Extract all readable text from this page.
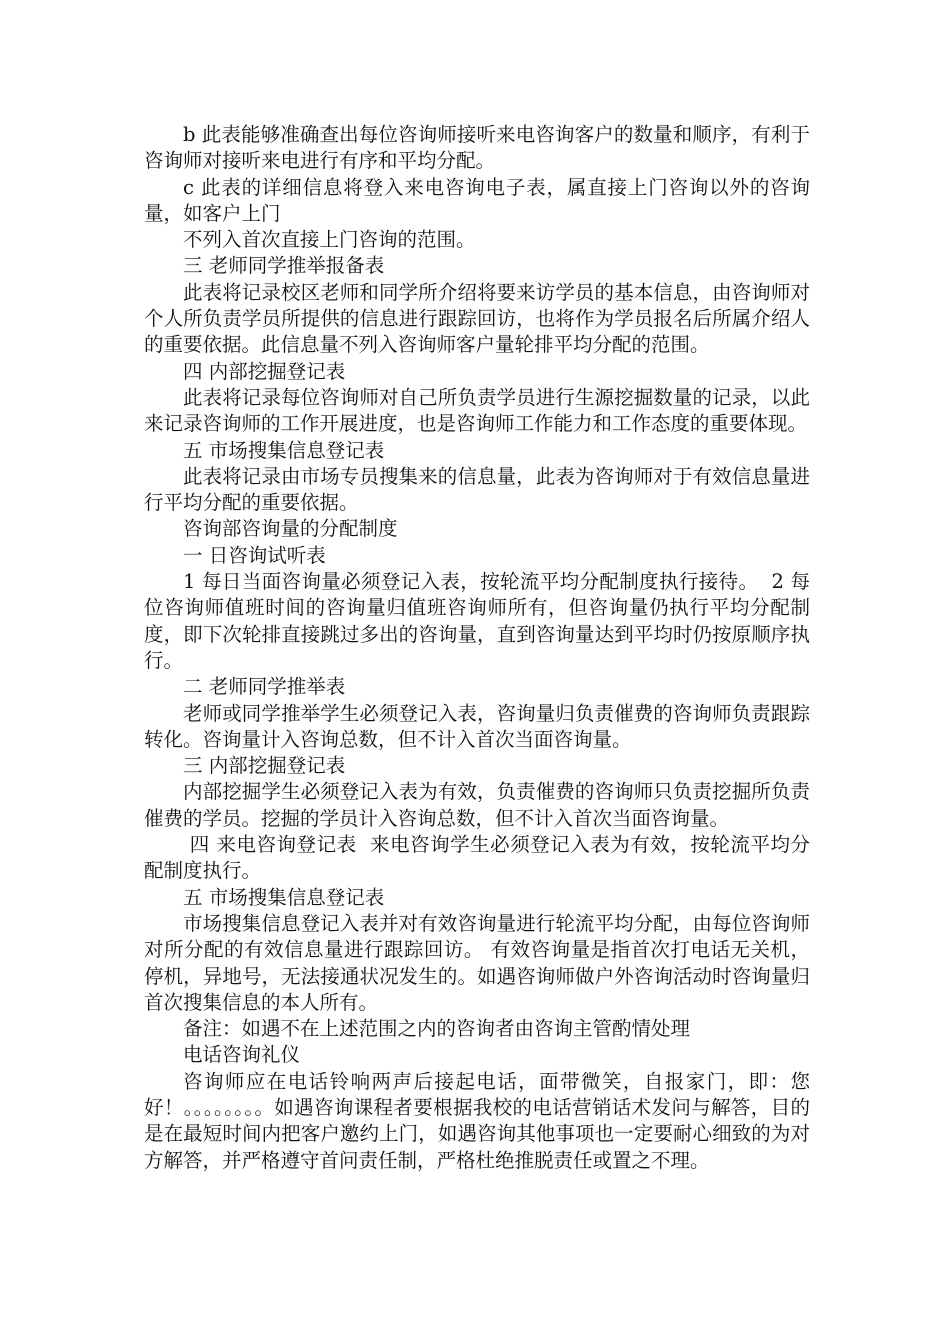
b 此表能够准确查出每位咨询师接听来电咨询客户的数量和顺序，有利于咨询师对接听来电进行有序和平均分配。

c 此表的详细信息将登入来电咨询电子表，属直接上门咨询以外的咨询量，如客户上门

不列入首次直接上门咨询的范围。

三 老师同学推举报备表

此表将记录校区老师和同学所介绍将要来访学员的基本信息，由咨询师对个人所负责学员所提供的信息进行跟踪回访，也将作为学员报名后所属介绍人的重要依据。此信息量不列入咨询师客户量轮排平均分配的范围。

四 内部挖掘登记表

此表将记录每位咨询师对自己所负责学员进行生源挖掘数量的记录，以此来记录咨询师的工作开展进度，也是咨询师工作能力和工作态度的重要体现。

五 市场搜集信息登记表

此表将记录由市场专员搜集来的信息量，此表为咨询师对于有效信息量进行平均分配的重要依据。

咨询部咨询量的分配制度

一 日咨询试听表

1 每日当面咨询量必须登记入表，按轮流平均分配制度执行接待。  2 每位咨询师值班时间的咨询量归值班咨询师所有，但咨询量仍执行平均分配制度，即下次轮排直接跳过多出的咨询量，直到咨询量达到平均时仍按原顺序执行。

二 老师同学推举表

老师或同学推举学生必须登记入表，咨询量归负责催费的咨询师负责跟踪转化。咨询量计入咨询总数，但不计入首次当面咨询量。

三 内部挖掘登记表

内部挖掘学生必须登记入表为有效，负责催费的咨询师只负责挖掘所负责催费的学员。挖掘的学员计入咨询总数，但不计入首次当面咨询量。

四 来电咨询登记表  来电咨询学生必须登记入表为有效，按轮流平均分配制度执行。

五 市场搜集信息登记表

市场搜集信息登记入表并对有效咨询量进行轮流平均分配，由每位咨询师对所分配的有效信息量进行跟踪回访。 有效咨询量是指首次打电话无关机，停机，异地号，无法接通状况发生的。如遇咨询师做户外咨询活动时咨询量归首次搜集信息的本人所有。

备注：如遇不在上述范围之内的咨询者由咨询主管酌情处理

电话咨询礼仪

咨询师应在电话铃响两声后接起电话，面带微笑，自报家门，即：您好！。。。。。。。。如遇咨询课程者要根据我校的电话营销话术发问与解答，目的是在最短时间内把客户邀约上门，如遇咨询其他事项也一定要耐心细致的为对方解答，并严格遵守首问责任制，严格杜绝推脱责任或置之不理。
